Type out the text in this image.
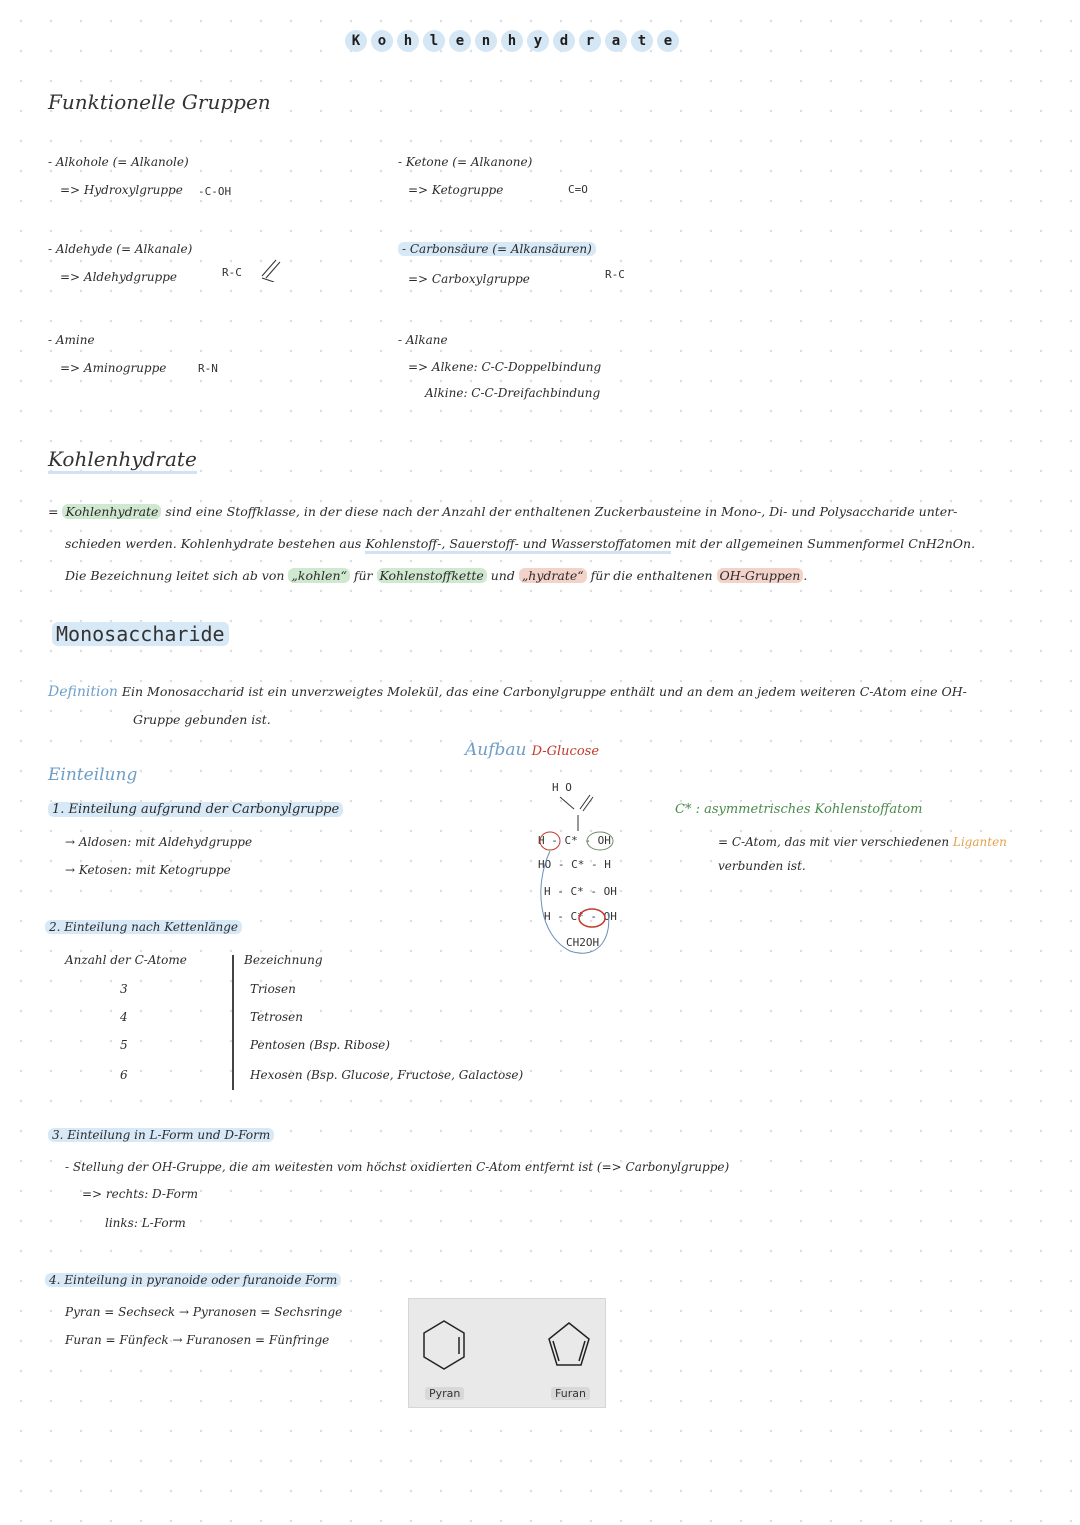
K	o	h	l	e	n	h	y	d	r	a	t	e
Funktionelle Gruppen
- Alkohole (= Alkanole)
=> Hydroxylgruppe -C-OH
- Aldehyde (= Alkanale)
=> Aldehydgruppe	R-C
- Amine
=> Aminogruppe	R-N
- Ketone (= Alkanone)
=> Ketogruppe	C=O
- Carbonsäure (= Alkansäuren)
=> Carboxylgruppe	R-C
- Alkane
=> Alkene: C-C-Doppelbindung
Alkine: C-C-Dreifachbindung
Kohlenhydrate
= Kohlenhydrate sind eine Stoffklasse, in der diese nach der Anzahl der enthaltenen Zuckerbausteine in Mono-, Di- und Polysaccharide unter-
schieden werden. Kohlenhydrate bestehen aus Kohlenstoff-, Sauerstoff- und Wasserstoffatomen mit der allgemeinen Summenformel CnH2nOn.
Die Bezeichnung leitet sich ab von „kohlen“ für Kohlenstoffkette und „hydrate“ für die enthaltenen OH-Gruppen .
Monosaccharide
Definition Ein Monosaccharid ist ein unverzweigtes Molekül, das eine Carbonylgruppe enthält und an dem an jedem weiteren C-Atom eine OH-
Gruppe gebunden ist.
Aufbau D-Glucose
H O
H - C* - OH
HO - C* - H
H - C* - OH
H - C* - OH
CH2OH
C* : asymmetrisches Kohlenstoffatom
= C-Atom, das mit vier verschiedenen Liganten
verbunden ist.
Einteilung
1. Einteilung aufgrund der Carbonylgruppe
→ Aldosen: mit Aldehydgruppe
→ Ketosen: mit Ketogruppe
2. Einteilung nach Kettenlänge
Anzahl der C-Atome	Bezeichnung
3	Triosen
4	Tetrosen
5	Pentosen (Bsp. Ribose)
6	Hexosen (Bsp. Glucose, Fructose, Galactose)
3. Einteilung in L-Form und D-Form
- Stellung der OH-Gruppe, die am weitesten vom höchst oxidierten C-Atom entfernt ist (=> Carbonylgruppe)
=> rechts: D-Form
links: L-Form
4. Einteilung in pyranoide oder furanoide Form
Pyran = Sechseck → Pyranosen = Sechsringe
Furan = Fünfeck → Furanosen = Fünfringe
Pyran	Furan
